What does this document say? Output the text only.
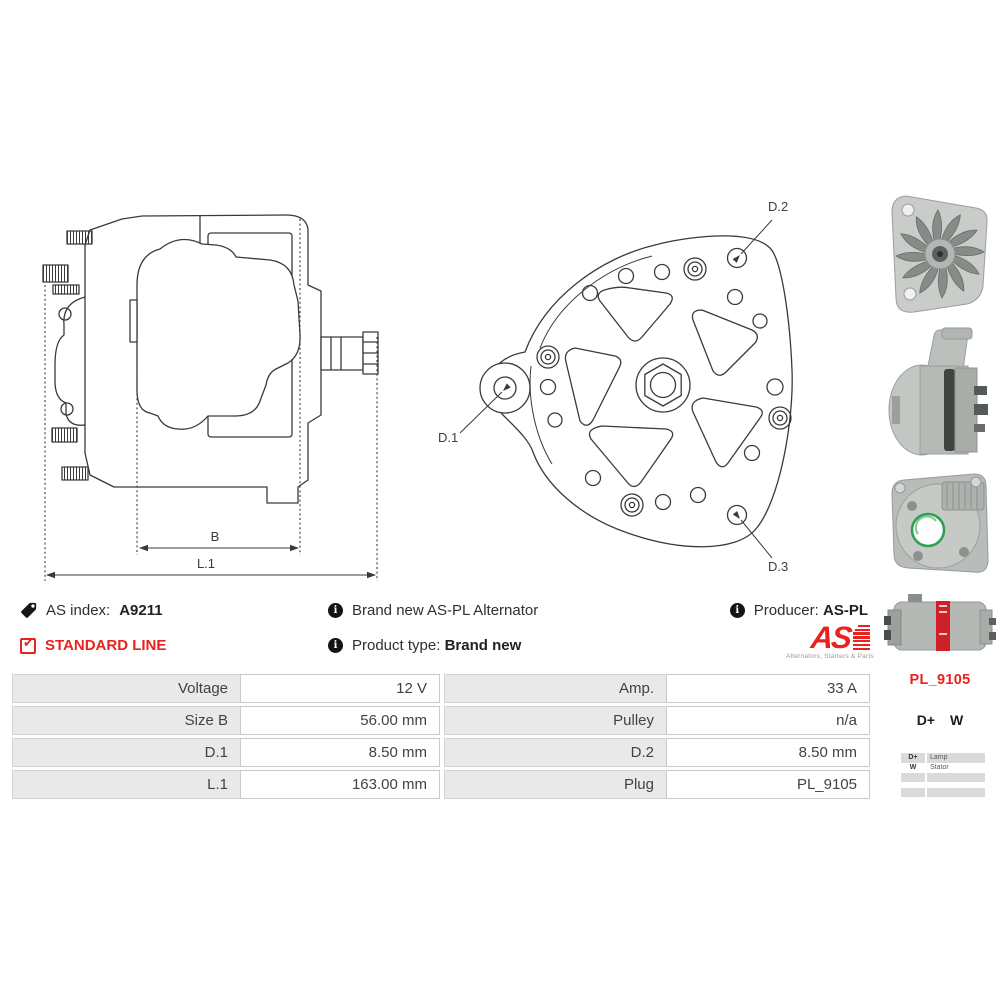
B
L.1
D.2
D.1
D.3
AS index: A9211
✔
STANDARD LINE
i Brand new AS-PL Alternator
i Product type: Brand new
i Producer: AS-PL
AS
Alternators, Starters & Parts
Voltage	12 V
Size B	56.00 mm
D.1	8.50 mm
L.1	163.00 mm
Amp.	33 A
Pulley	n/a
D.2	8.50 mm
Plug	PL_9105
PL_9105
D+ W
D+	Lamp
W	Stator
